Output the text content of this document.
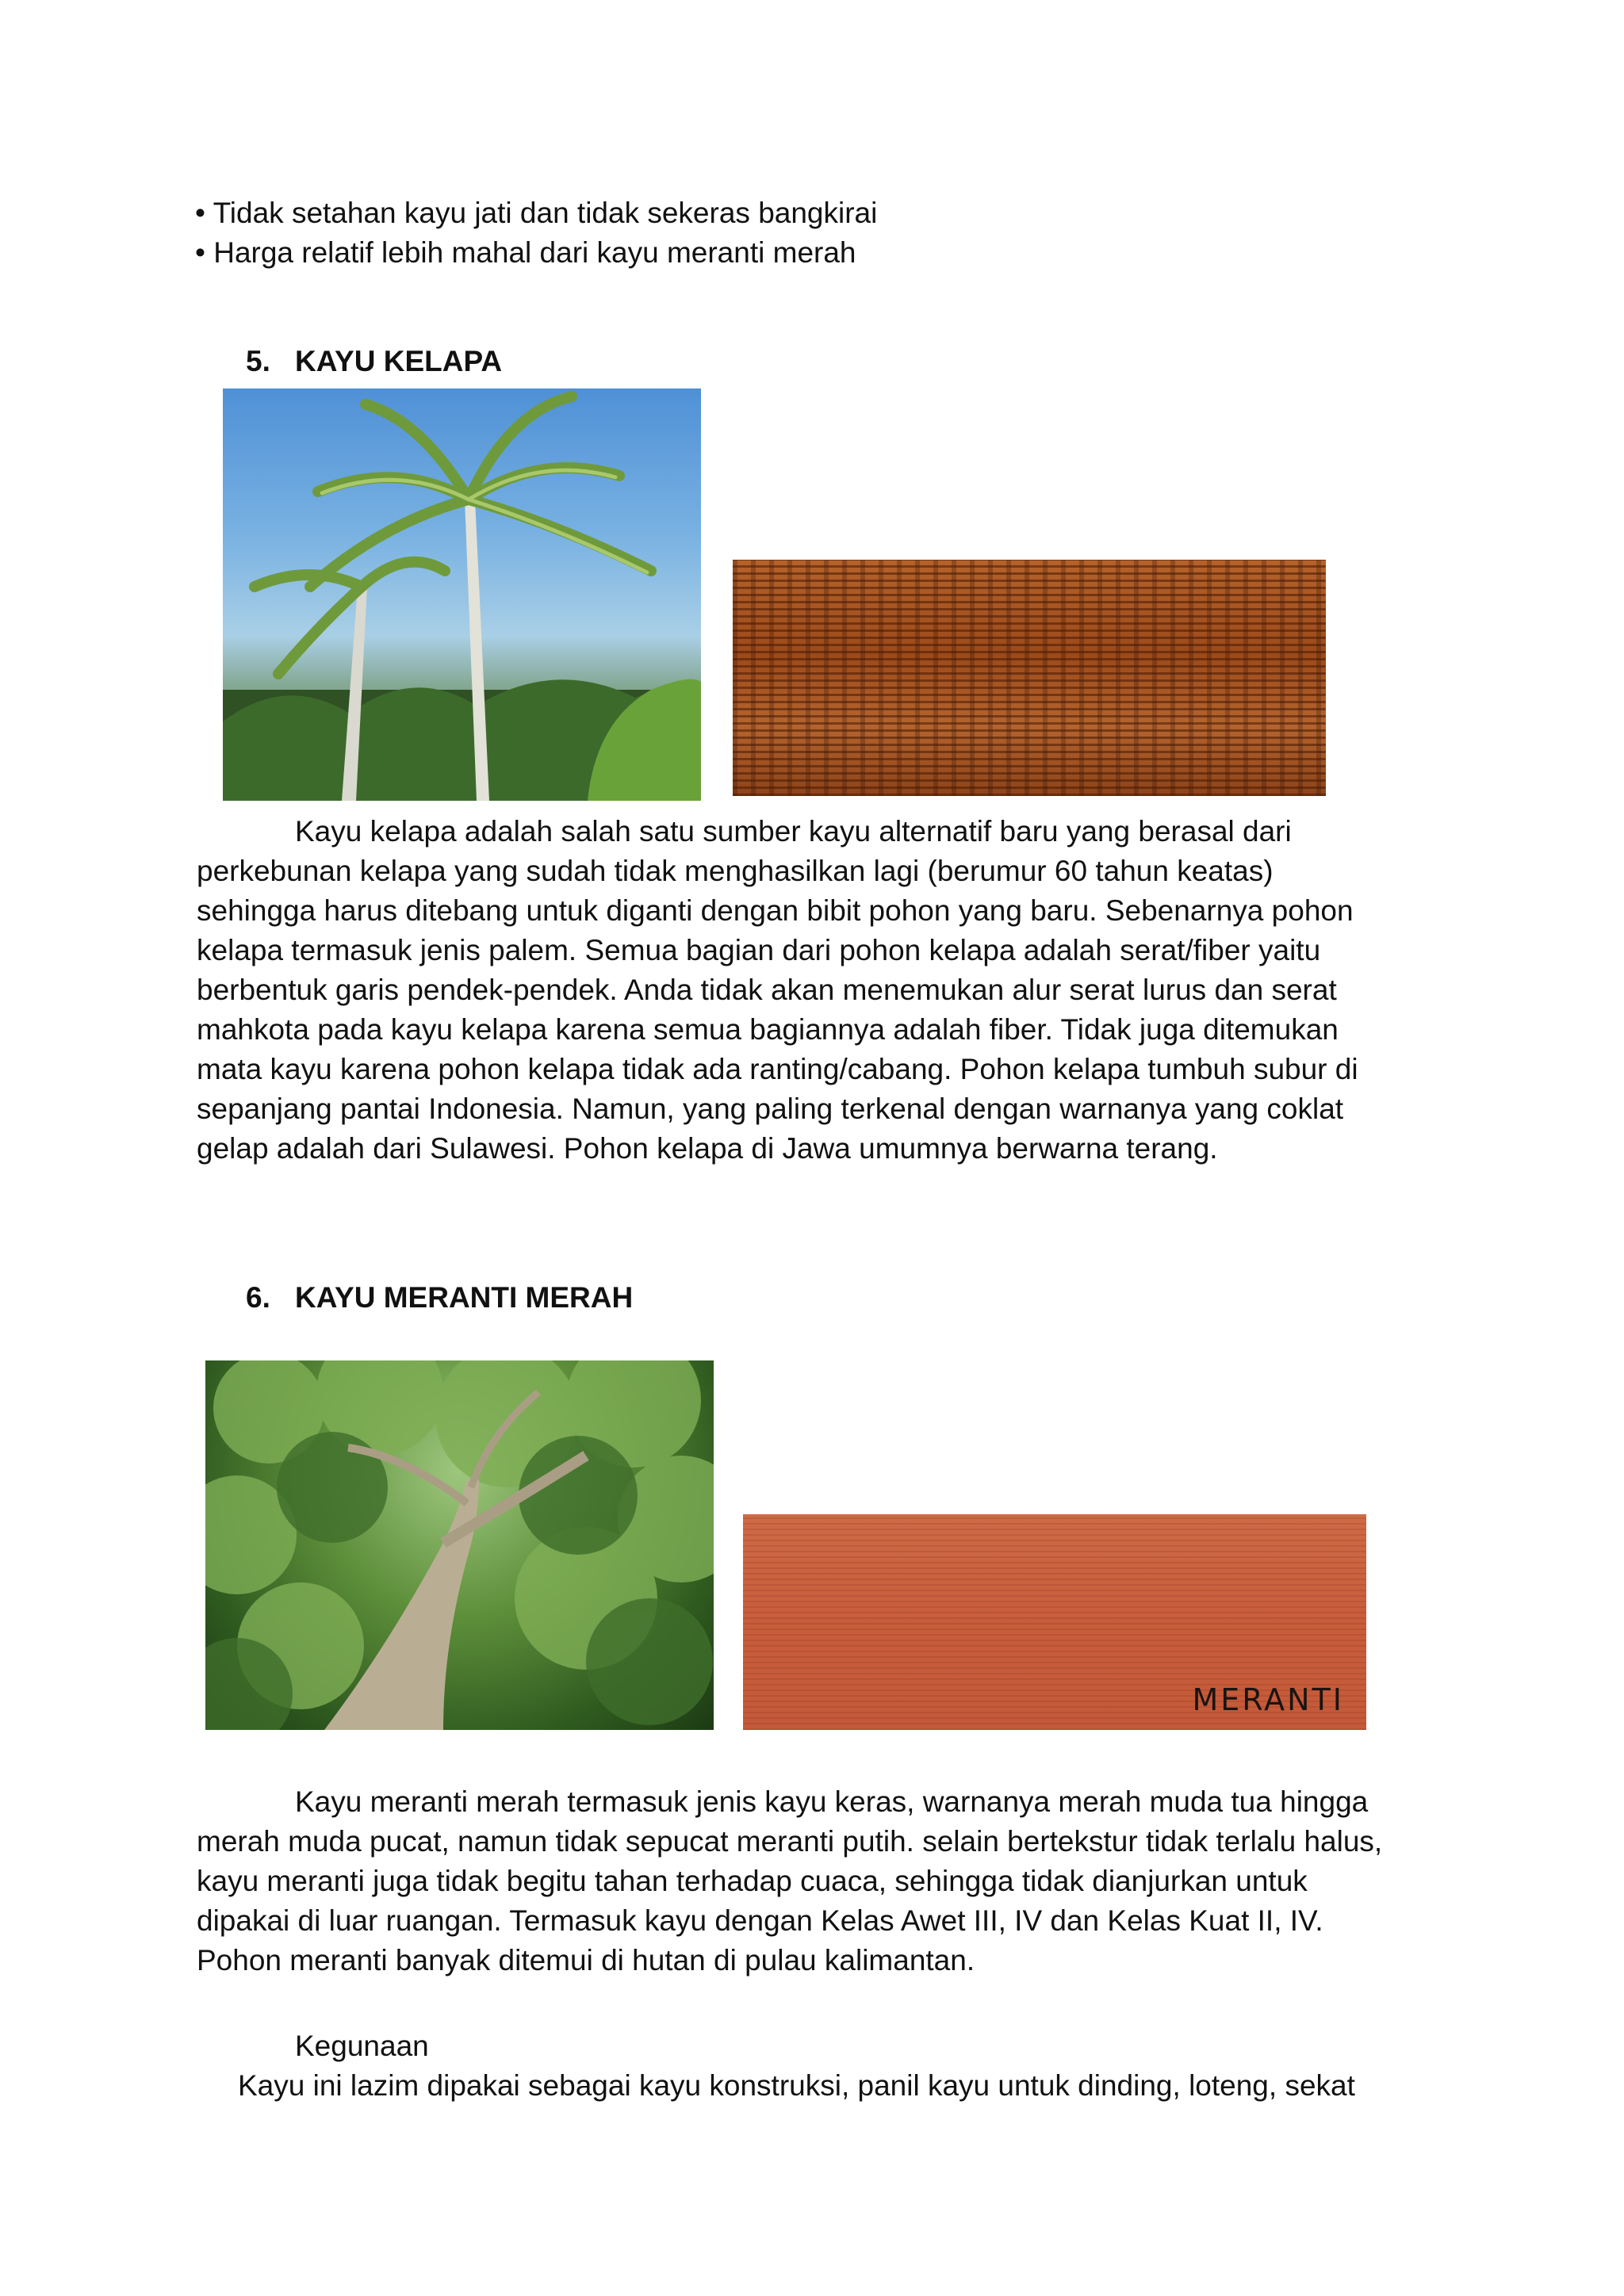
• Tidak setahan kayu jati dan tidak sekeras bangkirai
• Harga relatif lebih mahal dari kayu meranti merah
5. KAYU KELAPA

Kayu kelapa adalah salah satu sumber kayu alternatif baru yang berasal dari

perkebunan kelapa yang sudah tidak menghasilkan lagi (berumur 60 tahun keatas)

sehingga harus ditebang untuk diganti dengan bibit pohon yang baru. Sebenarnya pohon

kelapa termasuk jenis palem. Semua bagian dari pohon kelapa adalah serat/fiber yaitu

berbentuk garis pendek-pendek. Anda tidak akan menemukan alur serat lurus dan serat

mahkota pada kayu kelapa karena semua bagiannya adalah fiber. Tidak juga ditemukan

mata kayu karena pohon kelapa tidak ada ranting/cabang. Pohon kelapa tumbuh subur di

sepanjang pantai Indonesia. Namun, yang paling terkenal dengan warnanya yang coklat

gelap adalah dari Sulawesi. Pohon kelapa di Jawa umumnya berwarna terang.

6. KAYU MERANTI MERAH
MERANTI

Kayu meranti merah termasuk jenis kayu keras, warnanya merah muda tua hingga

merah muda pucat, namun tidak sepucat meranti putih. selain bertekstur tidak terlalu halus,

kayu meranti juga tidak begitu tahan terhadap cuaca, sehingga tidak dianjurkan untuk

dipakai di luar ruangan. Termasuk kayu dengan Kelas Awet III, IV dan Kelas Kuat II, IV.

Pohon meranti banyak ditemui di hutan di pulau kalimantan.

Kegunaan
Kayu ini lazim dipakai sebagai kayu konstruksi, panil kayu untuk dinding, loteng, sekat
